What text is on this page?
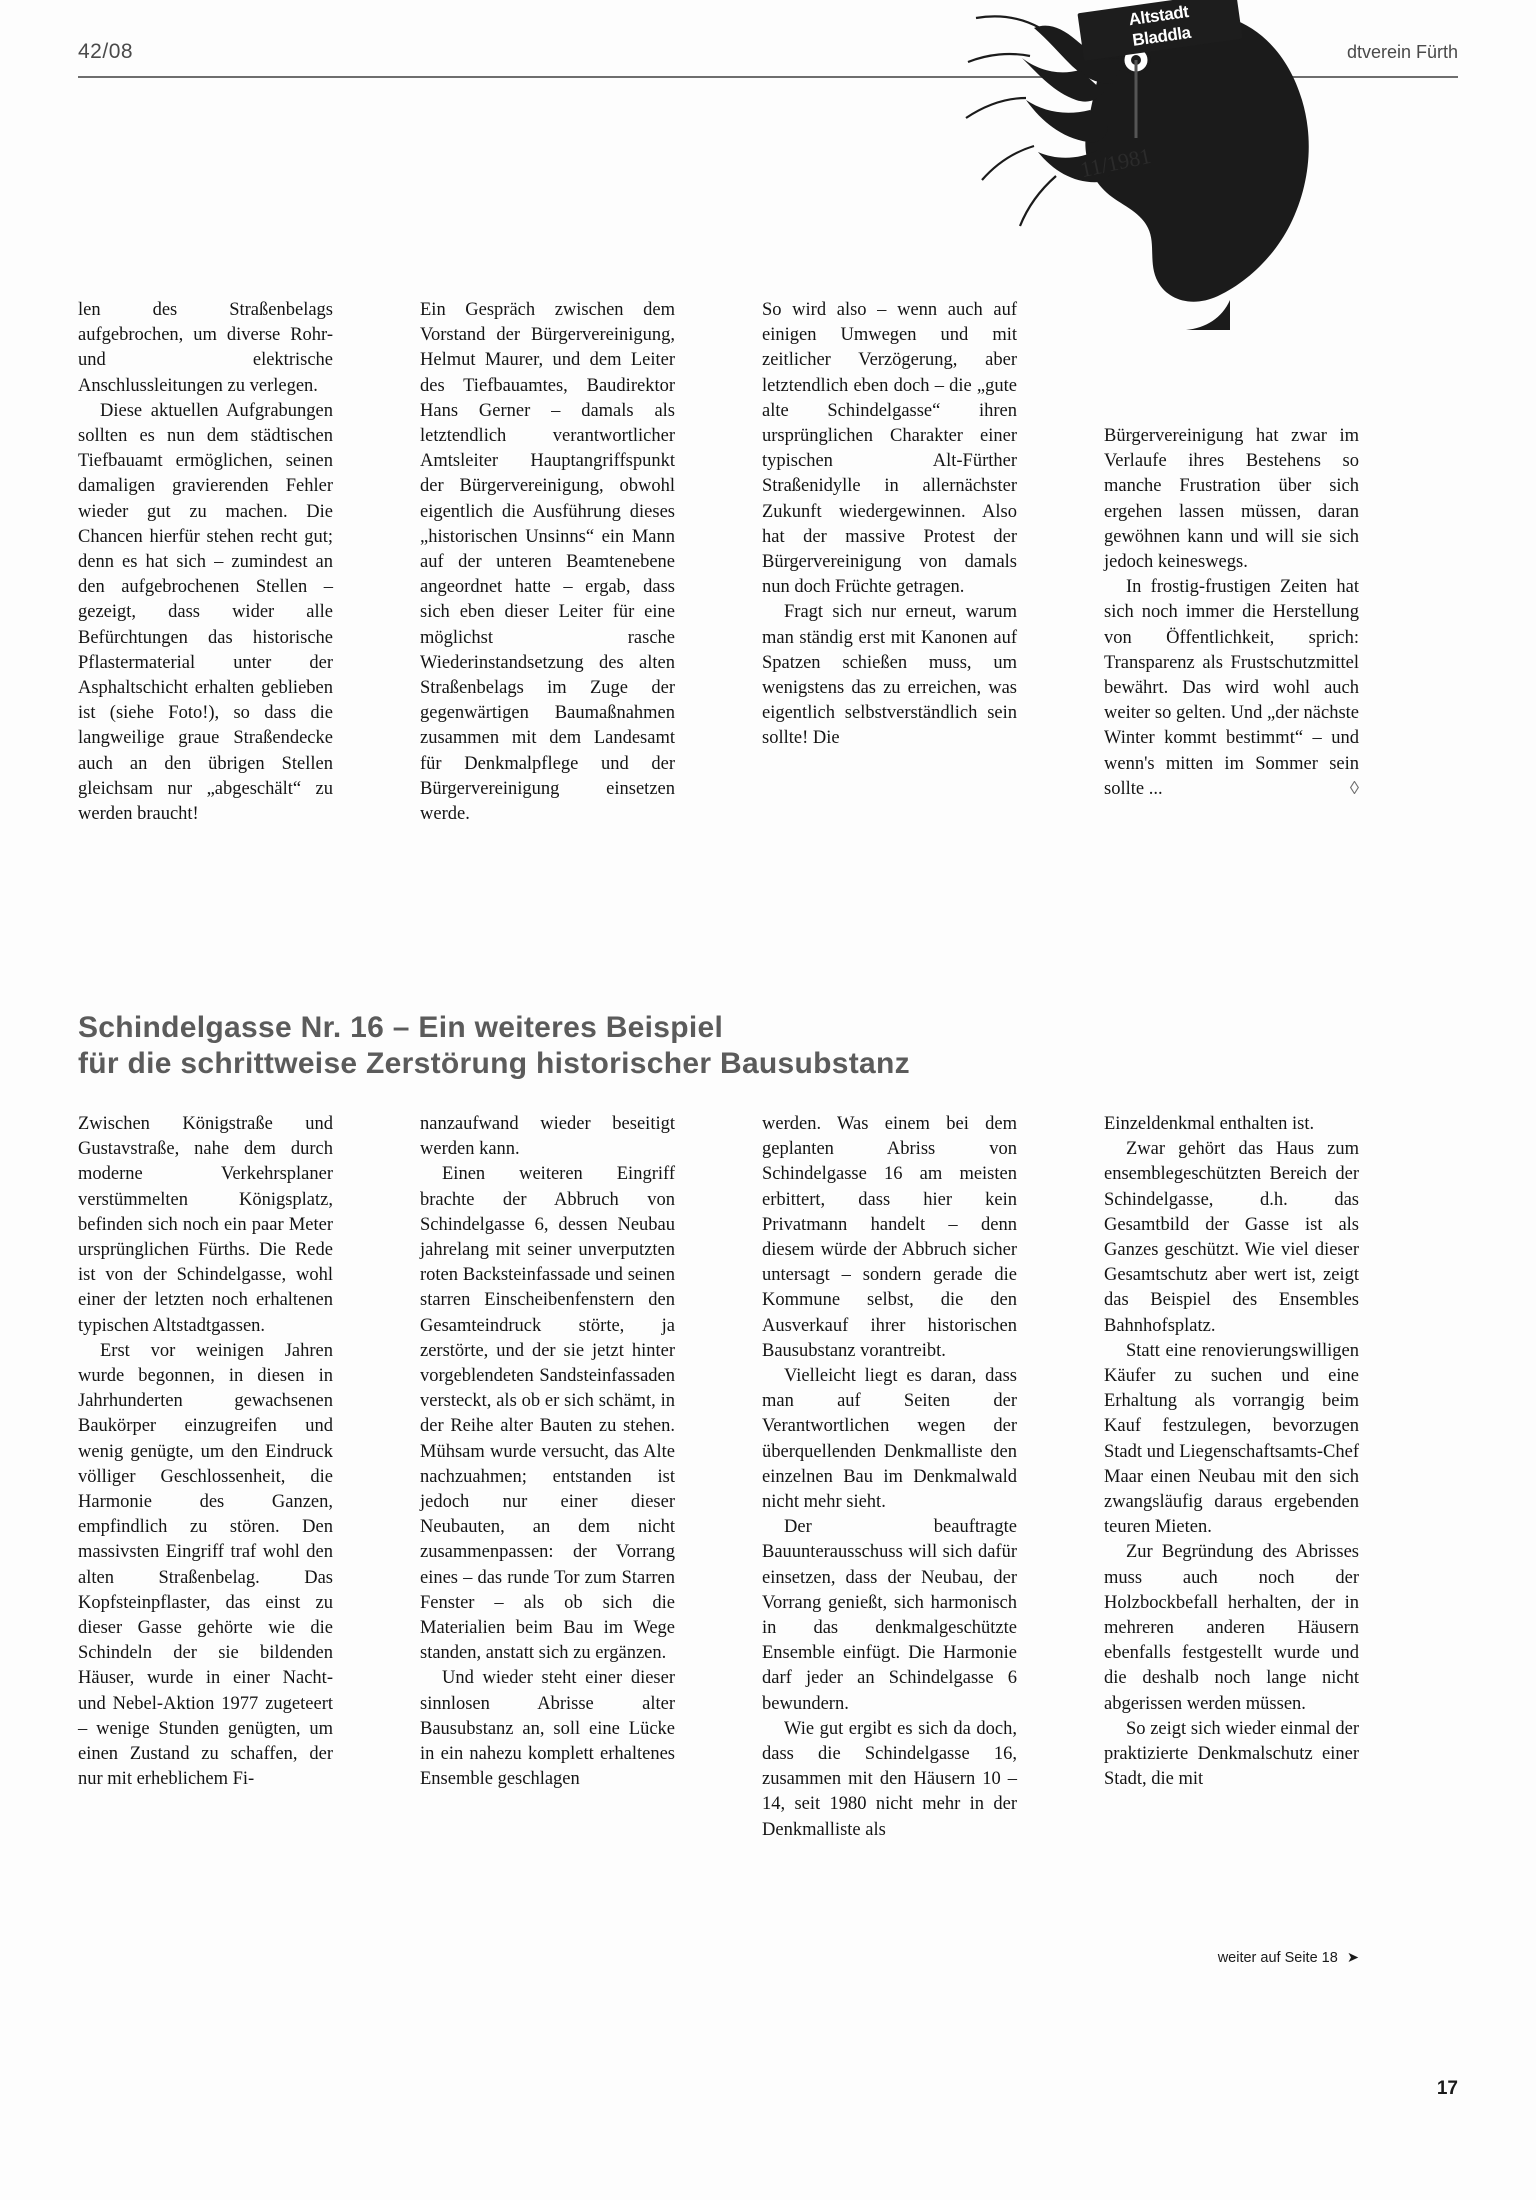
42/08	dtverein Fürth
Altstadt
Bladdla
11/1981

len des Straßenbelags aufgebrochen, um diverse Rohr- und elektrische Anschlussleitungen zu verlegen.

Diese aktuellen Aufgrabungen sollten es nun dem städtischen Tiefbauamt ermöglichen, seinen damaligen gravierenden Fehler wieder gut zu machen. Die Chancen hierfür stehen recht gut; denn es hat sich – zumindest an den aufgebrochenen Stellen – gezeigt, dass wider alle Befürchtungen das historische Pflastermaterial unter der Asphaltschicht erhalten geblieben ist (siehe Foto!), so dass die langweilige graue Straßendecke auch an den übrigen Stellen gleichsam nur „abgeschält“ zu werden braucht!

Ein Gespräch zwischen dem Vorstand der Bürgervereinigung, Helmut Maurer, und dem Leiter des Tiefbauamtes, Baudirektor Hans Gerner – damals als letztendlich verantwortlicher Amtsleiter Hauptangriffspunkt der Bürgervereinigung, obwohl eigentlich die Ausführung dieses „historischen Unsinns“ ein Mann auf der unteren Beamtenebene angeordnet hatte – ergab, dass sich eben dieser Leiter für eine möglichst rasche Wiederinstandsetzung des alten Straßenbelags im Zuge der gegenwärtigen Baumaßnahmen zusammen mit dem Landesamt für Denkmalpflege und der Bürgervereinigung einsetzen werde.

So wird also – wenn auch auf einigen Umwegen und mit zeitlicher Verzögerung, aber letztendlich eben doch – die „gute alte Schindelgasse“ ihren ursprünglichen Charakter einer typischen Alt-Fürther Straßenidylle in allernächster Zukunft wiedergewinnen. Also hat der massive Protest der Bürgervereinigung von damals nun doch Früchte getragen.

Fragt sich nur erneut, warum man ständig erst mit Kanonen auf Spatzen schießen muss, um wenigstens das zu erreichen, was eigentlich selbstverständlich sein sollte! Die

Bürgervereinigung hat zwar im Verlaufe ihres Bestehens so manche Frustration über sich ergehen lassen müssen, daran gewöhnen kann und will sie sich jedoch keineswegs.

In frostig-frustigen Zeiten hat sich noch immer die Herstellung von Öffentlichkeit, sprich: Transparenz als Frustschutzmittel bewährt. Das wird wohl auch weiter so gelten. Und „der nächste Winter kommt bestimmt“ – und wenn's mitten im Sommer sein sollte ...	◊
Schindelgasse Nr. 16 – Ein weiteres Beispiel
für die schrittweise Zerstörung historischer Bausubstanz

Zwischen Königstraße und Gustavstraße, nahe dem durch moderne Verkehrsplaner verstümmelten Königsplatz, befinden sich noch ein paar Meter ursprünglichen Fürths. Die Rede ist von der Schindelgasse, wohl einer der letzten noch erhaltenen typischen Altstadtgassen.

Erst vor weinigen Jahren wurde begonnen, in diesen in Jahrhunderten gewachsenen Baukörper einzugreifen und wenig genügte, um den Eindruck völliger Geschlossenheit, die Harmonie des Ganzen, empfindlich zu stören. Den massivsten Eingriff traf wohl den alten Straßenbelag. Das Kopfsteinpflaster, das einst zu dieser Gasse gehörte wie die Schindeln der sie bildenden Häuser, wurde in einer Nacht- und Nebel-Aktion 1977 zugeteert – wenige Stunden genügten, um einen Zustand zu schaffen, der nur mit erheblichem Fi-

nanzaufwand wieder beseitigt werden kann.

Einen weiteren Eingriff brachte der Abbruch von Schindelgasse 6, dessen Neubau jahrelang mit seiner unverputzten roten Backsteinfassade und seinen starren Einscheibenfenstern den Gesamteindruck störte, ja zerstörte, und der sie jetzt hinter vorgeblendeten Sandsteinfassaden versteckt, als ob er sich schämt, in der Reihe alter Bauten zu stehen. Mühsam wurde versucht, das Alte nachzuahmen; entstanden ist jedoch nur einer dieser Neubauten, an dem nicht zusammenpassen: der Vorrang eines – das runde Tor zum Starren Fenster – als ob sich die Materialien beim Bau im Wege standen, anstatt sich zu ergänzen.

Und wieder steht einer dieser sinnlosen Abrisse alter Bausubstanz an, soll eine Lücke in ein nahezu komplett erhaltenes Ensemble geschlagen

werden. Was einem bei dem geplanten Abriss von Schindelgasse 16 am meisten erbittert, dass hier kein Privatmann handelt – denn diesem würde der Abbruch sicher untersagt – sondern gerade die Kommune selbst, die den Ausverkauf ihrer historischen Bausubstanz vorantreibt.

Vielleicht liegt es daran, dass man auf Seiten der Verantwortlichen wegen der überquellenden Denkmalliste den einzelnen Bau im Denkmalwald nicht mehr sieht.

Der beauftragte Bauunterausschuss will sich dafür einsetzen, dass der Neubau, der Vorrang genießt, sich harmonisch in das denkmalgeschützte Ensemble einfügt. Die Harmonie darf jeder an Schindelgasse 6 bewundern.

Wie gut ergibt es sich da doch, dass die Schindelgasse 16, zusammen mit den Häusern 10 – 14, seit 1980 nicht mehr in der Denkmalliste als

Einzeldenkmal enthalten ist.

Zwar gehört das Haus zum ensemblegeschützten Bereich der Schindelgasse, d.h. das Gesamtbild der Gasse ist als Ganzes geschützt. Wie viel dieser Gesamtschutz aber wert ist, zeigt das Beispiel des Ensembles Bahnhofsplatz.

Statt eine renovierungswilligen Käufer zu suchen und eine Erhaltung als vorrangig beim Kauf festzulegen, bevorzugen Stadt und Liegenschaftsamts-Chef Maar einen Neubau mit den sich zwangsläufig daraus ergebenden teuren Mieten.

Zur Begründung des Abrisses muss auch noch der Holzbockbefall herhalten, der in mehreren anderen Häusern ebenfalls festgestellt wurde und die deshalb noch lange nicht abgerissen werden müssen.

So zeigt sich wieder einmal der praktizierte Denkmalschutz einer Stadt, die mit

weiter auf Seite 18 ➤
17
